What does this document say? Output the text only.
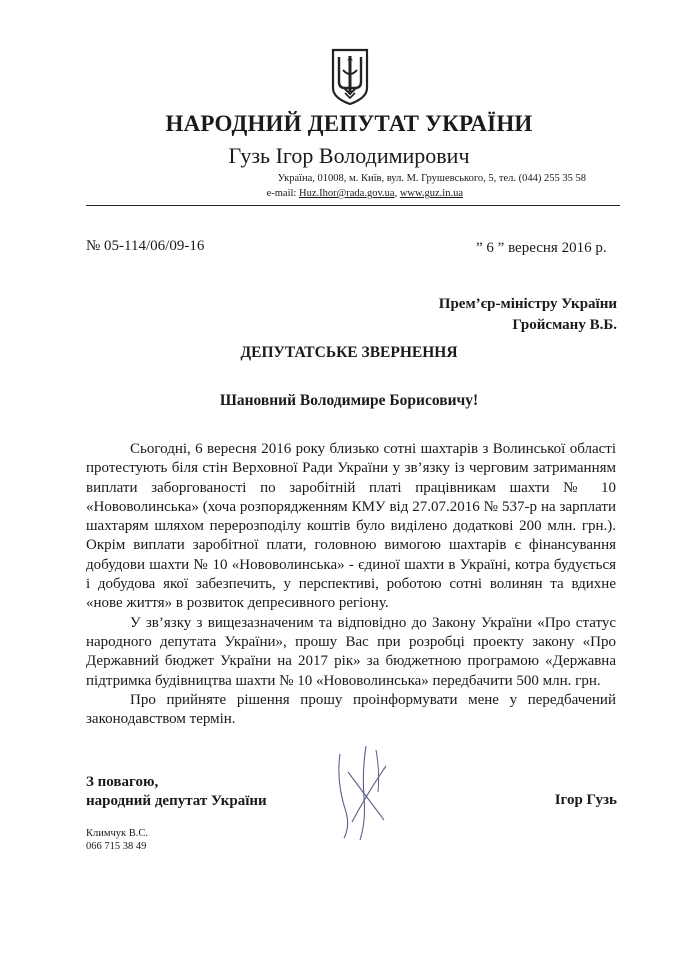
НАРОДНИЙ ДЕПУТАТ УКРАЇНИ
Гузь Ігор Володимирович
Україна, 01008, м. Київ, вул. М. Грушевського, 5, тел. (044) 255 35 58
e-mail: Huz.Ihor@rada.gov.ua, www.guz.in.ua
№ 05-114/06/09-16	” 6 ” вересня 2016 р.
Прем’єр-міністру України
Гройсману В.Б.
ДЕПУТАТСЬКЕ ЗВЕРНЕННЯ
Шановний Володимире Борисовичу!

Сьогодні, 6 вересня 2016 року близько сотні шахтарів з Волинської області протестують біля стін Верховної Ради України у зв’язку із черговим затриманням виплати заборгованості по заробітній платі працівникам шахти № 10 «Нововолинська» (хоча розпорядженням КМУ від 27.07.2016 № 537-р на зарплати шахтарям шляхом перерозподілу коштів було виділено додаткові 200 млн. грн.). Окрім виплати заробітної плати, головною вимогою шахтарів є фінансування добудови шахти № 10 «Нововолинська» - єдиної шахти в Україні, котра будується і добудова якої забезпечить, у перспективі, роботою сотні волинян та вдихне «нове життя» в розвиток депресивного регіону.

У зв’язку з вищезазначеним та відповідно до Закону України «Про статус народного депутата України», прошу Вас при розробці проекту закону «Про Державний бюджет України на 2017 рік» за бюджетною програмою «Державна підтримка будівництва шахти № 10 «Нововолинська» передбачити 500 млн. грн.

Про прийняте рішення прошу проінформувати мене у передбачений законодавством термін.

З повагою,
народний депутат України	Ігор Гузь
Климчук В.С.
066 715 38 49
